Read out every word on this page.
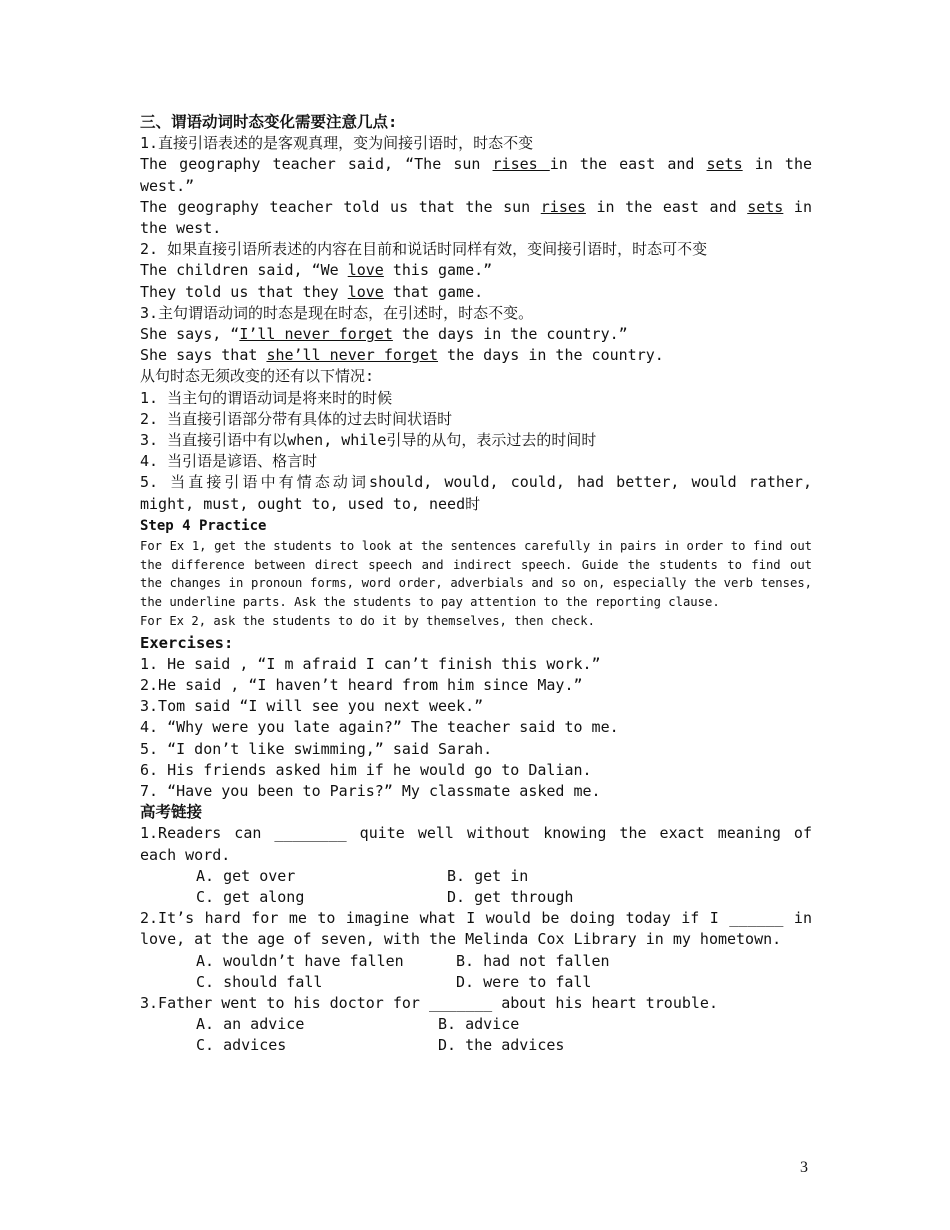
三、谓语动词时态变化需要注意几点:

1.直接引语表述的是客观真理，变为间接引语时，时态不变

The geography teacher said, “The sun rises in the east and sets in the west.”

The geography teacher told us that the sun rises in the east and sets in the west.

2. 如果直接引语所表述的内容在目前和说话时同样有效，变间接引语时，时态可不变

The children said, “We love this game.”

They told us that they love that game.

3.主句谓语动词的时态是现在时态，在引述时，时态不变。

She says, “I’ll never forget the days in the country.”

She says that she’ll never forget the days in the country.

从句时态无须改变的还有以下情况:

1. 当主句的谓语动词是将来时的时候

2. 当直接引语部分带有具体的过去时间状语时

3. 当直接引语中有以when, while引导的从句，表示过去的时间时

4. 当引语是谚语、格言时

5. 当直接引语中有情态动词should, would, could, had better, would rather, might, must, ought to, used to, need时

Step 4 Practice

For Ex 1, get the students to look at the sentences carefully in pairs in order to find out the difference between direct speech and indirect speech. Guide the students to find out the changes in pronoun forms, word order, adverbials and so on, especially the verb tenses, the underline parts. Ask the students to pay attention to the reporting clause.

For Ex 2, ask the students to do it by themselves, then check.

Exercises:

1. He said , “I m afraid I can’t finish this work.”

2.He said , “I haven’t heard from him since May.”

3.Tom said “I will see you next week.”

4. “Why were you late again?” The teacher said to me.

5. “I don’t like swimming,” said Sarah.

6. His friends asked him if he would go to Dalian.

7. “Have you been to Paris?” My classmate asked me.

高考链接

1.Readers can ________ quite well without knowing the exact meaning of each word.

A. get over	B. get in
C. get along	D. get through

2.It’s hard for me to imagine what I would be doing today if I ______ in love, at the age of seven, with the Melinda Cox Library in my hometown.

A. wouldn’t have fallen	B. had not fallen
C. should fall	D. were to fall

3.Father went to his doctor for _______ about his heart trouble.

A. an advice	B. advice
C. advices	D. the advices
3
